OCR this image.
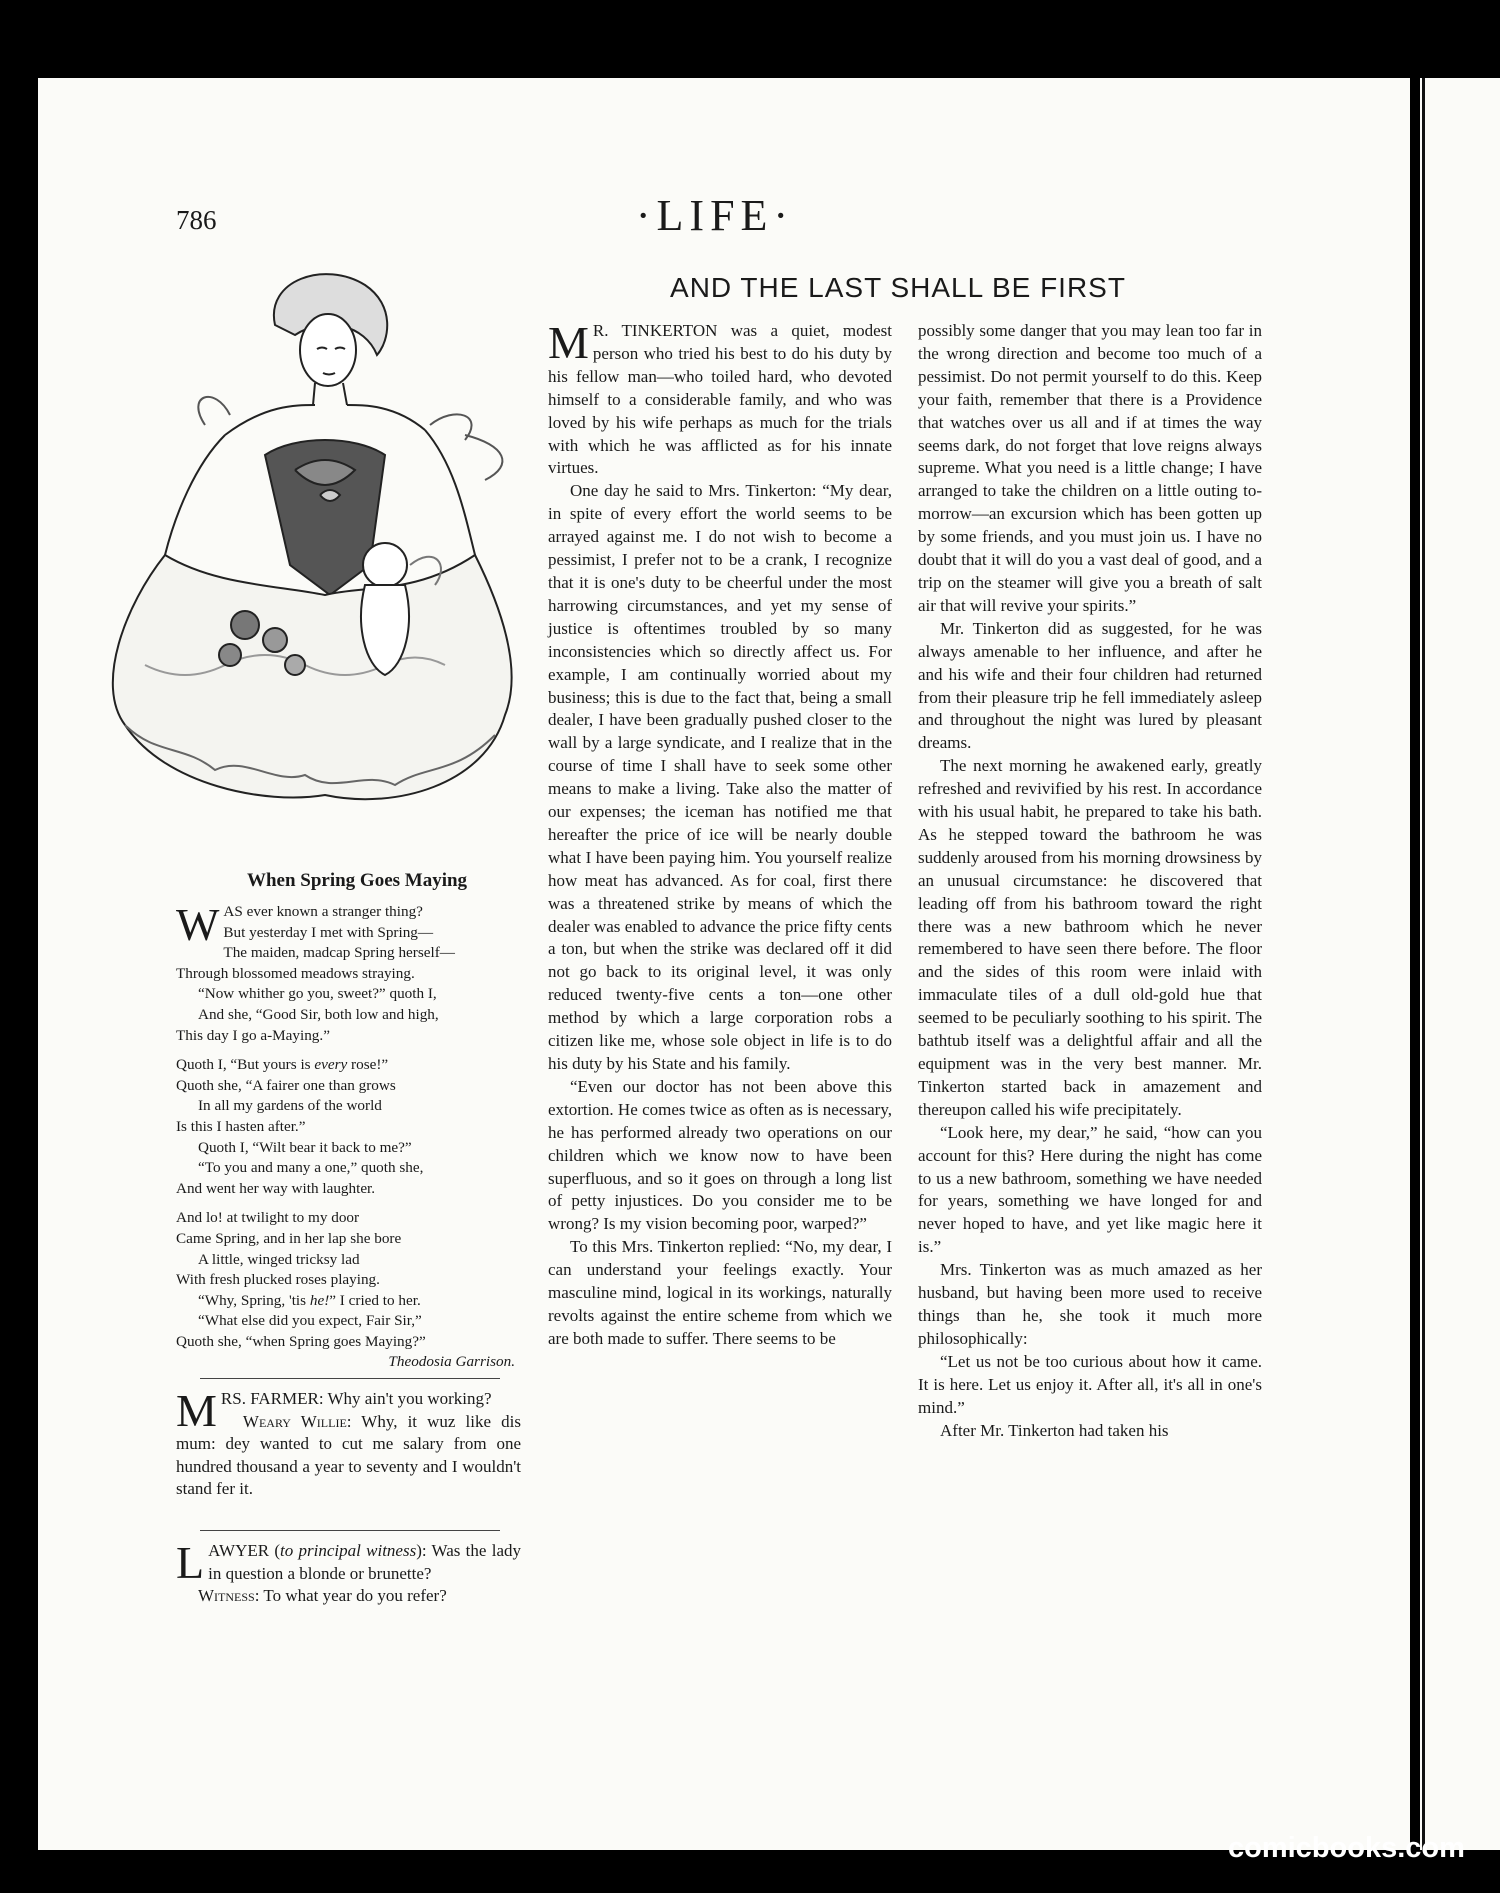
786	·LIFE·
AND THE LAST SHALL BE FIRST

M R. TINKERTON was a quiet, modest person who tried his best to do his duty by his fellow man—who toiled hard, who devoted himself to a considerable family, and who was loved by his wife perhaps as much for the trials with which he was afflicted as for his innate virtues.

One day he said to Mrs. Tinkerton: “My dear, in spite of every effort the world seems to be arrayed against me. I do not wish to become a pessimist, I prefer not to be a crank, I recognize that it is one's duty to be cheerful under the most harrowing circumstances, and yet my sense of justice is oftentimes troubled by so many inconsistencies which so directly affect us. For example, I am continually worried about my business; this is due to the fact that, being a small dealer, I have been gradually pushed closer to the wall by a large syndicate, and I realize that in the course of time I shall have to seek some other means to make a living. Take also the matter of our expenses; the iceman has notified me that hereafter the price of ice will be nearly double what I have been paying him. You yourself realize how meat has advanced. As for coal, first there was a threatened strike by means of which the dealer was enabled to advance the price fifty cents a ton, but when the strike was declared off it did not go back to its original level, it was only reduced twenty-five cents a ton—one other method by which a large corporation robs a citizen like me, whose sole object in life is to do his duty by his State and his family.

“Even our doctor has not been above this extortion. He comes twice as often as is necessary, he has performed already two operations on our children which we know now to have been superfluous, and so it goes on through a long list of petty injustices. Do you consider me to be wrong? Is my vision becoming poor, warped?”

To this Mrs. Tinkerton replied: “No, my dear, I can understand your feelings exactly. Your masculine mind, logical in its workings, naturally revolts against the entire scheme from which we are both made to suffer. There seems to be

possibly some danger that you may lean too far in the wrong direction and become too much of a pessimist. Do not permit yourself to do this. Keep your faith, remember that there is a Providence that watches over us all and if at times the way seems dark, do not forget that love reigns always supreme. What you need is a little change; I have arranged to take the children on a little outing to-morrow—an excursion which has been gotten up by some friends, and you must join us. I have no doubt that it will do you a vast deal of good, and a trip on the steamer will give you a breath of salt air that will revive your spirits.”

Mr. Tinkerton did as suggested, for he was always amenable to her influence, and after he and his wife and their four children had returned from their pleasure trip he fell immediately asleep and throughout the night was lured by pleasant dreams.

The next morning he awakened early, greatly refreshed and revivified by his rest. In accordance with his usual habit, he prepared to take his bath. As he stepped toward the bathroom he was suddenly aroused from his morning drowsiness by an unusual circumstance: he discovered that leading off from his bathroom toward the right there was a new bathroom which he never remembered to have seen there before. The floor and the sides of this room were inlaid with immaculate tiles of a dull old-gold hue that seemed to be peculiarly soothing to his spirit. The bathtub itself was a delightful affair and all the equipment was in the very best manner. Mr. Tinkerton started back in amazement and thereupon called his wife precipitately.

“Look here, my dear,” he said, “how can you account for this? Here during the night has come to us a new bathroom, something we have needed for years, something we have longed for and never hoped to have, and yet like magic here it is.”

Mrs. Tinkerton was as much amazed as her husband, but having been more used to receive things than he, she took it much more philosophically:

“Let us not be too curious about how it came. It is here. Let us enjoy it. After all, it's all in one's mind.”

After Mr. Tinkerton had taken his

When Spring Goes Maying
WAS ever known a stranger thing?
But yesterday I met with Spring—
The maiden, madcap Spring herself—
Through blossomed meadows straying.
“Now whither go you, sweet?” quoth I,
And she, “Good Sir, both low and high,
This day I go a-Maying.”
Quoth I, “But yours is every rose!”
Quoth she, “A fairer one than grows
In all my gardens of the world
Is this I hasten after.”
Quoth I, “Wilt bear it back to me?”
“To you and many a one,” quoth she,
And went her way with laughter.
And lo! at twilight to my door
Came Spring, and in her lap she bore
A little, winged tricksy lad
With fresh plucked roses playing.
“Why, Spring, 'tis he!” I cried to her.
“What else did you expect, Fair Sir,”
Quoth she, “when Spring goes Maying?”
Theodosia Garrison.

MRS. FARMER: Why ain't you working?

Weary Willie: Why, it wuz like dis mum: dey wanted to cut me salary from one hundred thousand a year to seventy and I wouldn't stand fer it.

LAWYER (to principal witness): Was the lady in question a blonde or brunette?

Witness: To what year do you refer?

comicbooks.com
